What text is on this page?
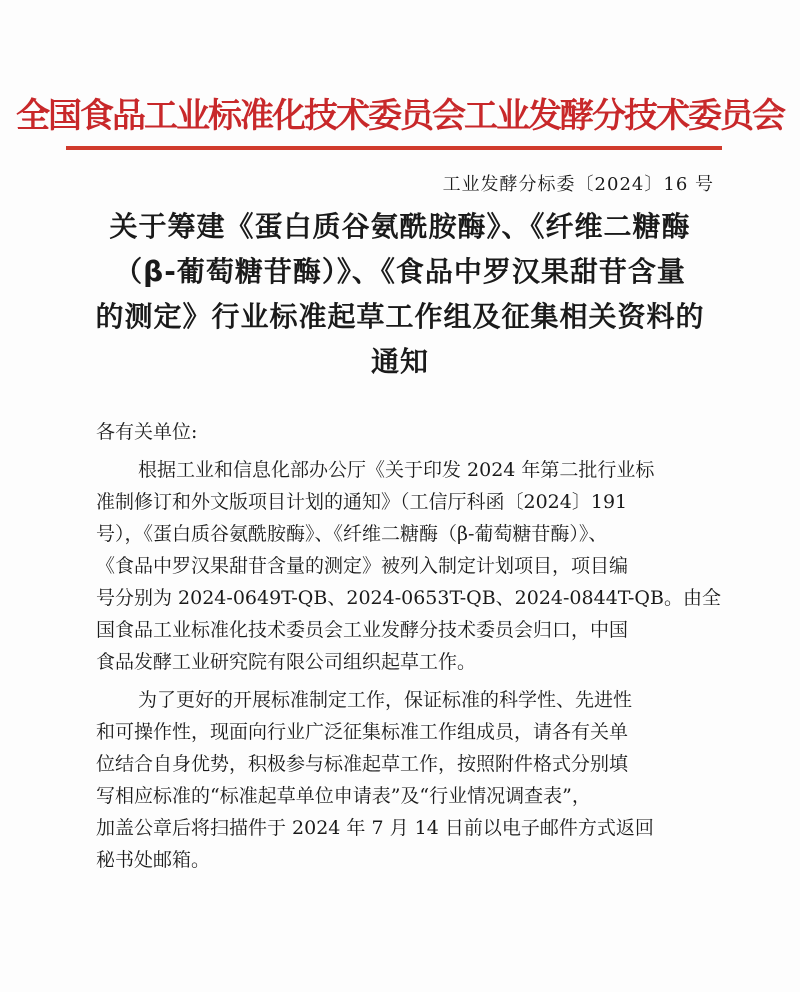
全国食品工业标准化技术委员会工业发酵分技术委员会
工业发酵分标委〔2024〕16 号
关于筹建《蛋白质谷氨酰胺酶》、《纤维二糖酶
（β-葡萄糖苷酶）》、《食品中罗汉果甜苷含量
的测定》行业标准起草工作组及征集相关资料的
通知
各有关单位:
根据工业和信息化部办公厅《关于印发 2024 年第二批行业标
准制修订和外文版项目计划的通知》（工信厅科函〔2024〕191
号），《蛋白质谷氨酰胺酶》、《纤维二糖酶（β-葡萄糖苷酶）》、
《食品中罗汉果甜苷含量的测定》被列入制定计划项目，项目编
号分别为 2024-0649T-QB、2024-0653T-QB、2024-0844T-QB。由全
国食品工业标准化技术委员会工业发酵分技术委员会归口，中国
食品发酵工业研究院有限公司组织起草工作。
为了更好的开展标准制定工作，保证标准的科学性、先进性
和可操作性，现面向行业广泛征集标准工作组成员，请各有关单
位结合自身优势，积极参与标准起草工作，按照附件格式分别填
写相应标准的“标准起草单位申请表”及“行业情况调查表”，
加盖公章后将扫描件于 2024 年 7 月 14 日前以电子邮件方式返回
秘书处邮箱。
